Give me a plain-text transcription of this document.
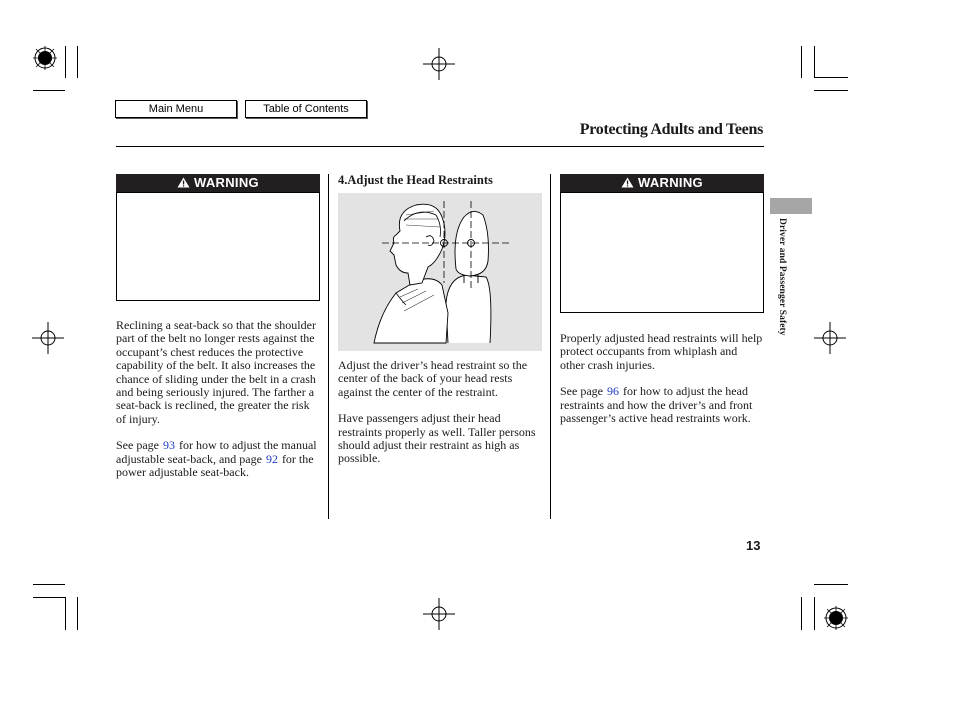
Main Menu	Table of Contents
Protecting Adults and Teens
WARNING

Reclining a seat-back so that the shoulder part of the belt no longer rests against the occupant’s chest reduces the protective capability of the belt. It also increases the chance of sliding under the belt in a crash and being seriously injured. The farther a seat-back is reclined, the greater the risk of injury.

See page 93 for how to adjust the manual adjustable seat-back, and page 92 for the power adjustable seat-back.

4.Adjust the Head Restraints

Adjust the driver’s head restraint so the center of the back of your head rests against the center of the restraint.

Have passengers adjust their head restraints properly as well. Taller persons should adjust their restraint as high as possible.

WARNING

Properly adjusted head restraints will help protect occupants from whiplash and other crash injuries.

See page 96 for how to adjust the head restraints and how the driver’s and front passenger’s active head restraints work.

Driver and Passenger Safety
13
